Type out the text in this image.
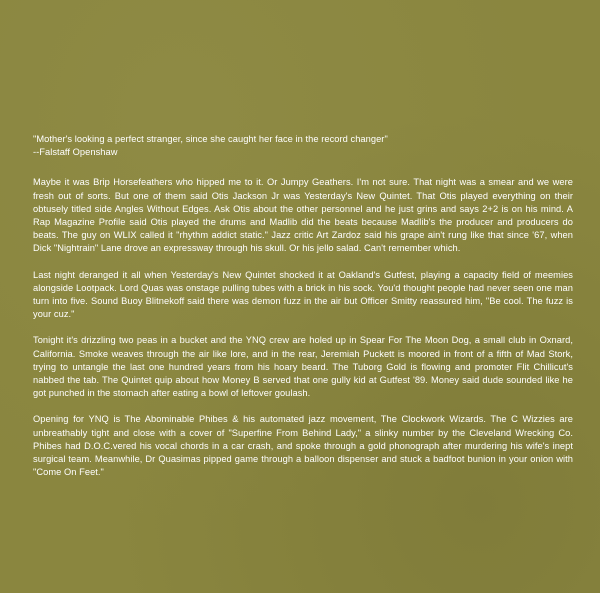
"Mother's looking a perfect stranger, since she caught her face in the record changer"

--Falstaff Openshaw

Maybe it was Brip Horsefeathers who hipped me to it. Or Jumpy Geathers. I'm not sure. That night was a smear and we were fresh out of sorts. But one of them said Otis Jackson Jr was Yesterday's New Quintet. That Otis played everything on their obtusely titled side Angles Without Edges. Ask Otis about the other personnel and he just grins and says 2+2 is on his mind. A Rap Magazine Profile said Otis played the drums and Madlib did the beats because Madlib's the producer and producers do beats. The guy on WLIX called it "rhythm addict static." Jazz critic Art Zardoz said his grape ain't rung like that since '67, when Dick "Nightrain" Lane drove an expressway through his skull. Or his jello salad. Can't remember which.

Last night deranged it all when Yesterday's New Quintet shocked it at Oakland's Gutfest, playing a capacity field of meemies alongside Lootpack. Lord Quas was onstage pulling tubes with a brick in his sock. You'd thought people had never seen one man turn into five. Sound Buoy Blitnekoff said there was demon fuzz in the air but Officer Smitty reassured him, "Be cool. The fuzz is your cuz."

Tonight it's drizzling two peas in a bucket and the YNQ crew are holed up in Spear For The Moon Dog, a small club in Oxnard, California. Smoke weaves through the air like lore, and in the rear, Jeremiah Puckett is moored in front of a fifth of Mad Stork, trying to untangle the last one hundred years from his hoary beard. The Tuborg Gold is flowing and promoter Flit Chillicut's nabbed the tab. The Quintet quip about how Money B served that one gully kid at Gutfest '89. Money said dude sounded like he got punched in the stomach after eating a bowl of leftover goulash.

Opening for YNQ is The Abominable Phibes & his automated jazz movement, The Clockwork Wizards. The C Wizzies are unbreathably tight and close with a cover of "Superfine From Behind Lady," a slinky number by the Cleveland Wrecking Co. Phibes had D.O.C.vered his vocal chords in a car crash, and spoke through a gold phonograph after murdering his wife's inept surgical team. Meanwhile, Dr Quasimas pipped game through a balloon dispenser and stuck a badfoot bunion in your onion with "Come On Feet."
